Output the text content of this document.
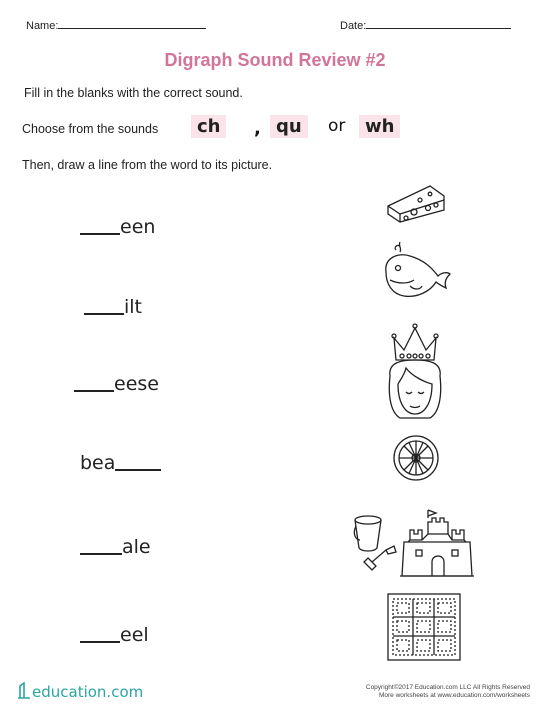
Name:	Date:
Digraph Sound Review #2
Fill in the blanks with the correct sound.
Choose from the sounds	ch	, qu	or	wh
Then, draw a line from the word to its picture.
een
ilt
eese
bea
ale
eel
education.com	Copyright©2017 Education.com LLC All Rights Reserved
More worksheets at www.education.com/worksheets
